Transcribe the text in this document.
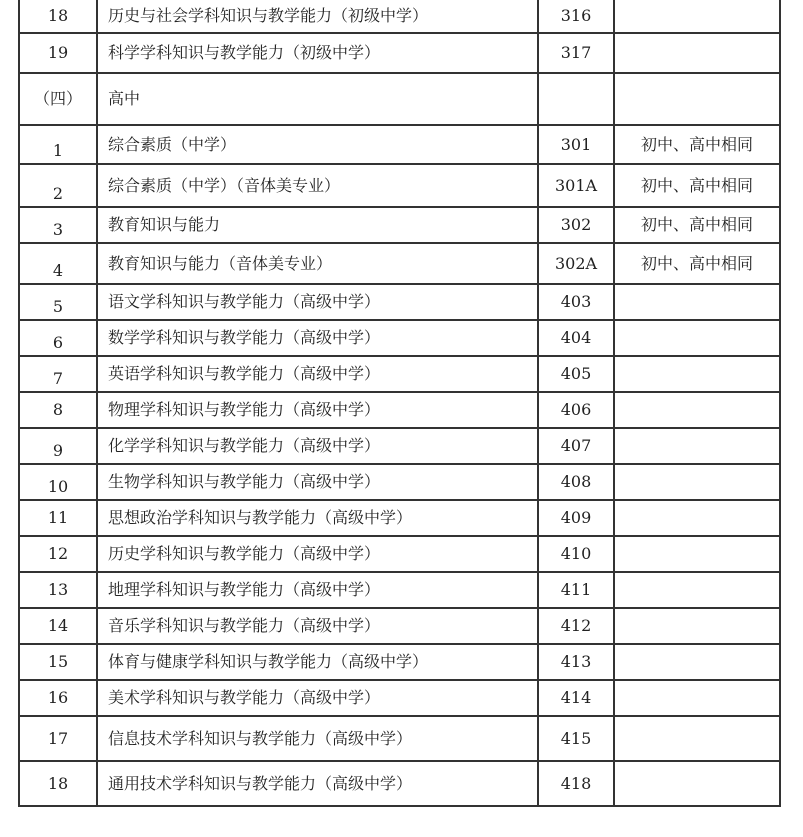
18	历史与社会学科知识与教学能力（初级中学）	316	
19	科学学科知识与教学能力（初级中学）	317	
（四）	高中		
1	综合素质（中学）	301	初中、高中相同
2	综合素质（中学）（音体美专业）	301A	初中、高中相同
3	教育知识与能力	302	初中、高中相同
4	教育知识与能力（音体美专业）	302A	初中、高中相同
5	语文学科知识与教学能力（高级中学）	403	
6	数学学科知识与教学能力（高级中学）	404	
7	英语学科知识与教学能力（高级中学）	405	
8	物理学科知识与教学能力（高级中学）	406	
9	化学学科知识与教学能力（高级中学）	407	
10	生物学科知识与教学能力（高级中学）	408	
11	思想政治学科知识与教学能力（高级中学）	409	
12	历史学科知识与教学能力（高级中学）	410	
13	地理学科知识与教学能力（高级中学）	411	
14	音乐学科知识与教学能力（高级中学）	412	
15	体育与健康学科知识与教学能力（高级中学）	413	
16	美术学科知识与教学能力（高级中学）	414	
17	信息技术学科知识与教学能力（高级中学）	415	
18	通用技术学科知识与教学能力（高级中学）	418	
